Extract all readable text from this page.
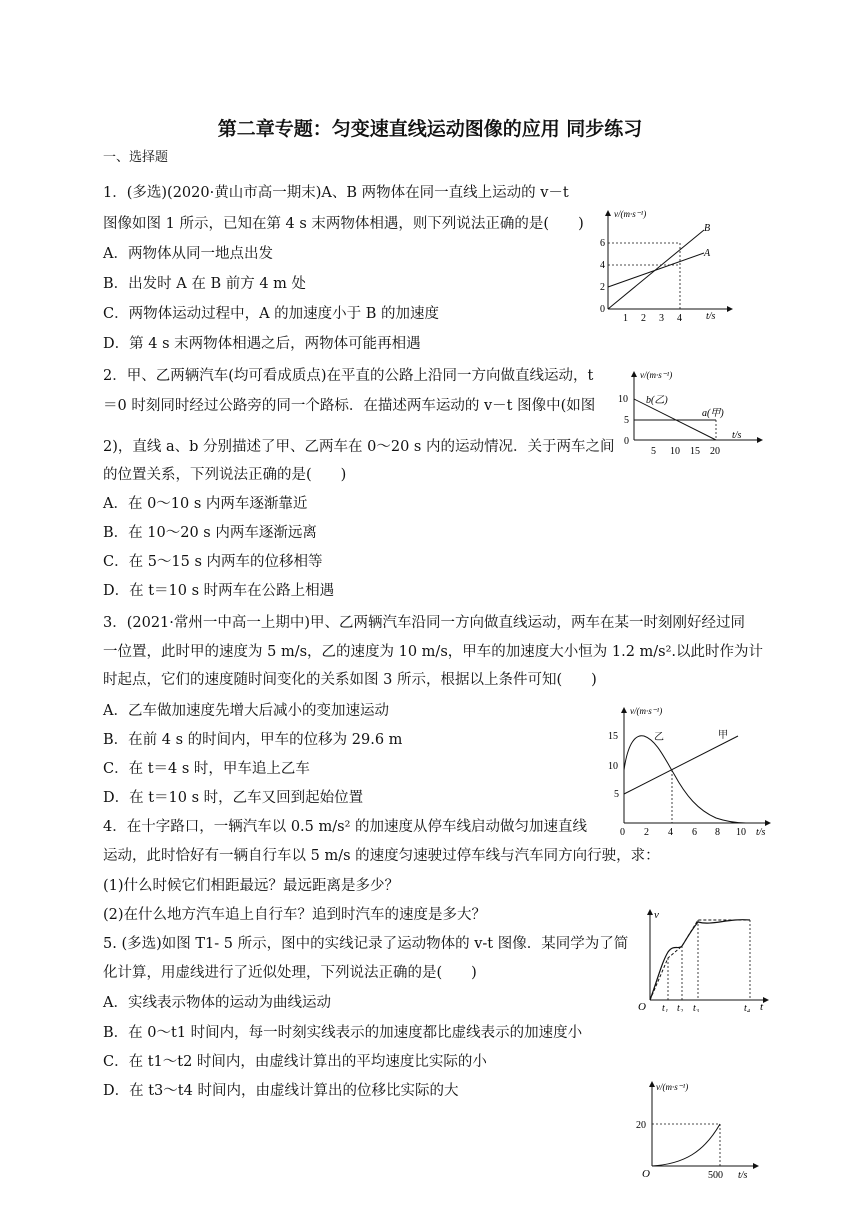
第二章专题：匀变速直线运动图像的应用 同步练习
一、选择题
1．(多选)(2020·黄山市高一期末)A、B 两物体在同一直线上运动的 v－t
图像如图 1 所示，已知在第 4 s 末两物体相遇，则下列说法正确的是(　　)
A．两物体从同一地点出发
B．出发时 A 在 B 前方 4 m 处
C．两物体运动过程中，A 的加速度小于 B 的加速度
D．第 4 s 末两物体相遇之后，两物体可能再相遇
2．甲、乙两辆汽车(均可看成质点)在平直的公路上沿同一方向做直线运动，t
＝0 时刻同时经过公路旁的同一个路标．在描述两车运动的 v－t 图像中(如图
2)，直线 a、b 分别描述了甲、乙两车在 0～20 s 内的运动情况．关于两车之间
的位置关系，下列说法正确的是(　　)
A．在 0～10 s 内两车逐渐靠近
B．在 10～20 s 内两车逐渐远离
C．在 5～15 s 内两车的位移相等
D．在 t＝10 s 时两车在公路上相遇
3．(2021·常州一中高一上期中)甲、乙两辆汽车沿同一方向做直线运动，两车在某一时刻刚好经过同
一位置，此时甲的速度为 5 m/s，乙的速度为 10 m/s，甲车的加速度大小恒为 1.2 m/s².以此时作为计
时起点，它们的速度随时间变化的关系如图 3 所示，根据以上条件可知(　　)
A．乙车做加速度先增大后减小的变加速运动
B．在前 4 s 的时间内，甲车的位移为 29.6 m
C．在 t＝4 s 时，甲车追上乙车
D．在 t＝10 s 时，乙车又回到起始位置
4．在十字路口，一辆汽车以 0.5 m/s² 的加速度从停车线启动做匀加速直线
运动，此时恰好有一辆自行车以 5 m/s 的速度匀速驶过停车线与汽车同方向行驶，求：
(1)什么时候它们相距最远？最远距离是多少？
(2)在什么地方汽车追上自行车？追到时汽车的速度是多大？
5. (多选)如图 T1- 5 所示，图中的实线记录了运动物体的 v-t 图像．某同学为了简
化计算，用虚线进行了近似处理，下列说法正确的是(　　)
A．实线表示物体的运动为曲线运动
B．在 0～t1 时间内，每一时刻实线表示的加速度都比虚线表示的加速度小
C．在 t1～t2 时间内，由虚线计算出的平均速度比实际的小
D．在 t3～t4 时间内，由虚线计算出的位移比实际的大
v/(m·s⁻¹)
t/s
B
A
6
4
2
0
1 2 3 4
v/(m·s⁻¹)
t/s
b(乙)
a(甲)
10
5
0
5 10 15 20
v/(m·s⁻¹)
t/s
甲
乙
15
10
5
0 2 4 6 8 10
v
t
O t₁ t₂ t₃	t₄
v/(m·s⁻¹)
t/s
O
20
500
